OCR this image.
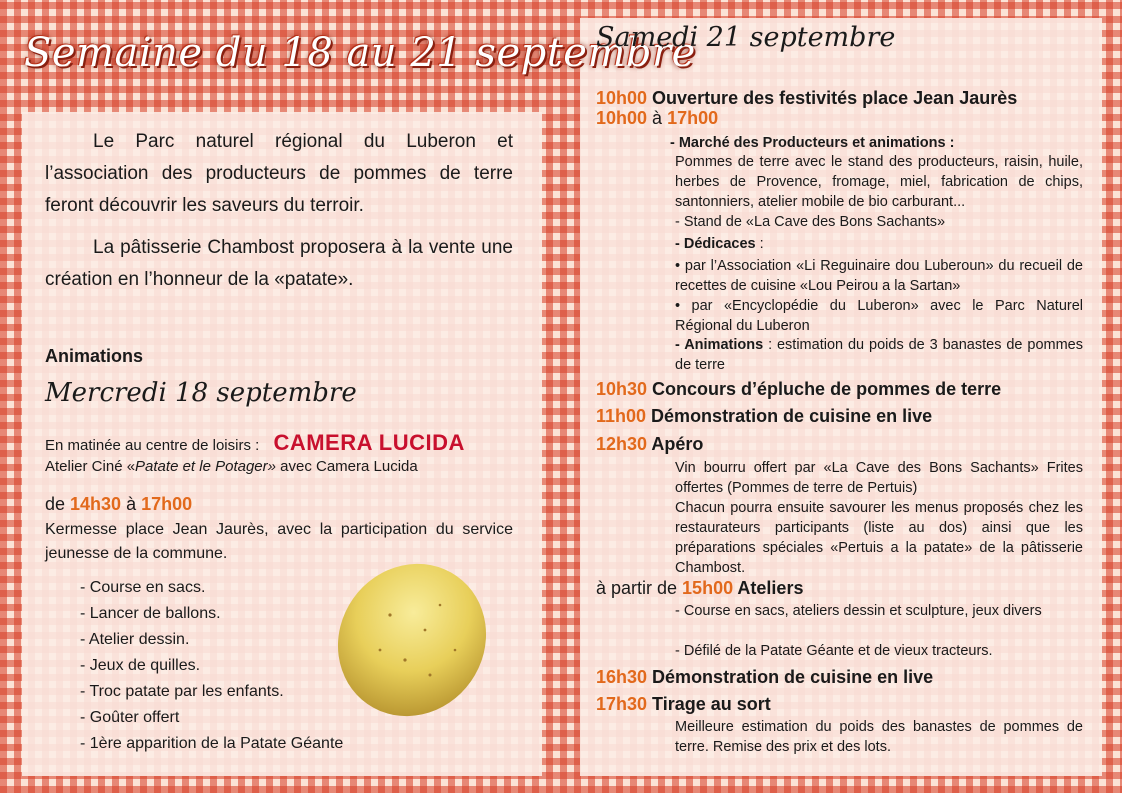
Semaine du 18 au 21 septembre

Le Parc naturel régional du Luberon et l’association des producteurs de pommes de terre feront découvrir les saveurs du terroir.

La pâtisserie Chambost proposera à la vente une création en l’honneur de la «patate».

Animations
Mercredi 18 septembre
En matinée au centre de loisirs : CAMERA LUCIDA
Atelier Ciné «Patate et le Potager» avec Camera Lucida
de 14h30 à 17h00

Kermesse place Jean Jaurès, avec la participation du service jeunesse de la commune.

- Course en sacs.
- Lancer de ballons.
- Atelier dessin.
- Jeux de quilles.
- Troc patate par les enfants.
- Goûter offert
- 1ère apparition de la Patate Géante
Samedi 21 septembre
10h00 Ouverture des festivités place Jean Jaurès
10h00 à 17h00
- Marché des Producteurs et animations :
Pommes de terre avec le stand des producteurs, raisin, huile, herbes de Provence, fromage, miel, fabrication de chips, santonniers, atelier mobile de bio carburant...
- Stand de «La Cave des Bons Sachants»
- Dédicaces :
• par l’Association «Li Reguinaire dou Luberoun» du recueil de recettes de cuisine «Lou Peirou a la Sartan»
• par «Encyclopédie du Luberon» avec le Parc Naturel Régional du Luberon
- Animations : estimation du poids de 3 banastes de pommes de terre
10h30 Concours d’épluche de pommes de terre
11h00 Démonstration de cuisine en live
12h30 Apéro
Vin bourru offert par «La Cave des Bons Sachants» Frites offertes (Pommes de terre de Pertuis)
Chacun pourra ensuite savourer les menus proposés chez les restaurateurs participants (liste au dos) ainsi que les préparations spéciales «Pertuis a la patate» de la pâtisserie Chambost.
à partir de 15h00 Ateliers
- Course en sacs, ateliers dessin et sculpture, jeux divers
- Défilé de la Patate Géante et de vieux tracteurs.
16h30 Démonstration de cuisine en live
17h30 Tirage au sort
Meilleure estimation du poids des banastes de pommes de terre. Remise des prix et des lots.
